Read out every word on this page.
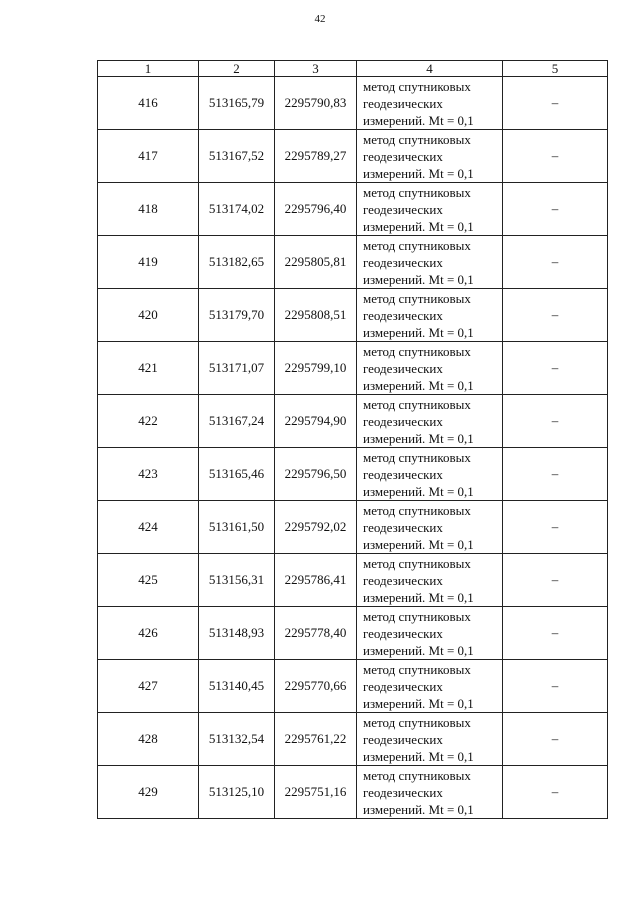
42
1	2	3	4	5
416	513165,79	2295790,83	метод спутниковых
геодезических
измерений. Mt = 0,1	–
417	513167,52	2295789,27	метод спутниковых
геодезических
измерений. Mt = 0,1	–
418	513174,02	2295796,40	метод спутниковых
геодезических
измерений. Mt = 0,1	–
419	513182,65	2295805,81	метод спутниковых
геодезических
измерений. Mt = 0,1	–
420	513179,70	2295808,51	метод спутниковых
геодезических
измерений. Mt = 0,1	–
421	513171,07	2295799,10	метод спутниковых
геодезических
измерений. Mt = 0,1	–
422	513167,24	2295794,90	метод спутниковых
геодезических
измерений. Mt = 0,1	–
423	513165,46	2295796,50	метод спутниковых
геодезических
измерений. Mt = 0,1	–
424	513161,50	2295792,02	метод спутниковых
геодезических
измерений. Mt = 0,1	–
425	513156,31	2295786,41	метод спутниковых
геодезических
измерений. Mt = 0,1	–
426	513148,93	2295778,40	метод спутниковых
геодезических
измерений. Mt = 0,1	–
427	513140,45	2295770,66	метод спутниковых
геодезических
измерений. Mt = 0,1	–
428	513132,54	2295761,22	метод спутниковых
геодезических
измерений. Mt = 0,1	–
429	513125,10	2295751,16	метод спутниковых
геодезических
измерений. Mt = 0,1	–
